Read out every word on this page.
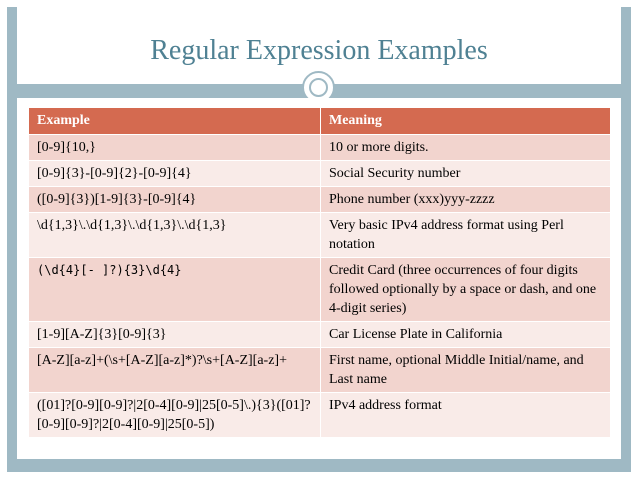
Regular Expression Examples
Example	Meaning
[0-9]{10,}	10 or more digits.
[0-9]{3}-[0-9]{2}-[0-9]{4}	Social Security number
([0-9]{3})[1-9]{3}-[0-9]{4}	Phone number (xxx)yyy-zzzz
\d{1,3}\.\d{1,3}\.\d{1,3}\.\d{1,3}	Very basic IPv4 address format using Perl notation
(\d{4}[- ]?){3}\d{4}	Credit Card (three occurrences of four digits followed optionally by a space or dash, and one 4-digit series)
[1-9][A-Z]{3}[0-9]{3}	Car License Plate in California
[A-Z][a-z]+(\s+[A-Z][a-z]*)?\s+[A-Z][a-z]+	First name, optional Middle Initial/name, and Last name
([01]?[0-9][0-9]?|2[0-4][0-9]|25[0-5]\.){3}([01]?[0-9][0-9]?|2[0-4][0-9]|25[0-5])	IPv4 address format
